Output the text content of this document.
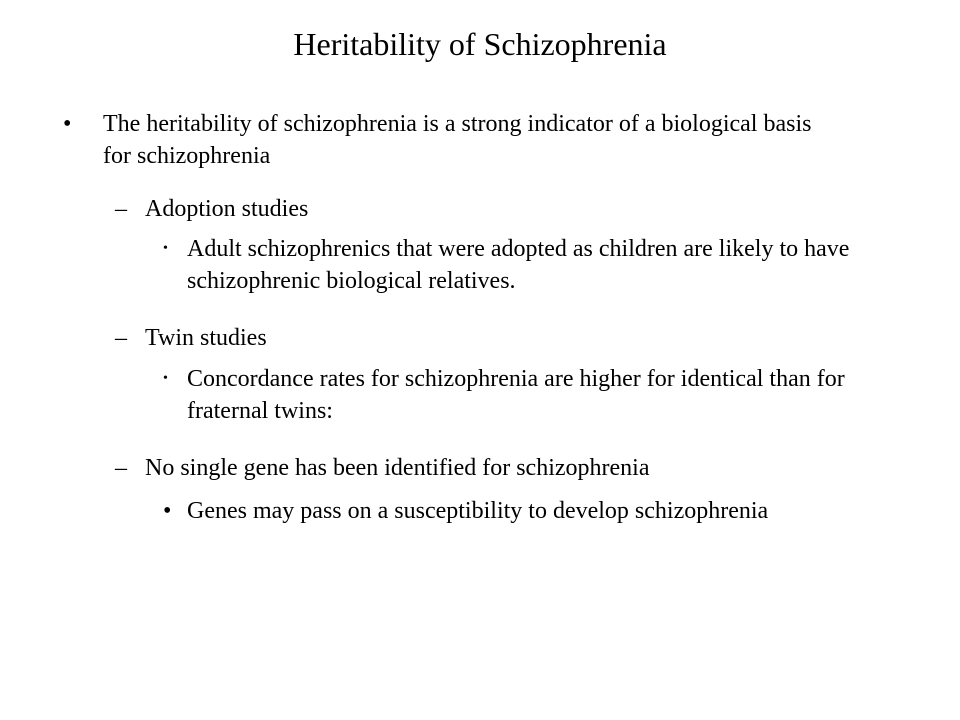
Heritability of Schizophrenia
• The heritability of schizophrenia is a strong indicator of a biological basis for schizophrenia
– Adoption studies
• Adult schizophrenics that were adopted as children are likely to have schizophrenic biological relatives.
– Twin studies
• Concordance rates for schizophrenia are higher for identical than for fraternal twins:
– No single gene has been identified for schizophrenia
• Genes may pass on a susceptibility to develop schizophrenia
